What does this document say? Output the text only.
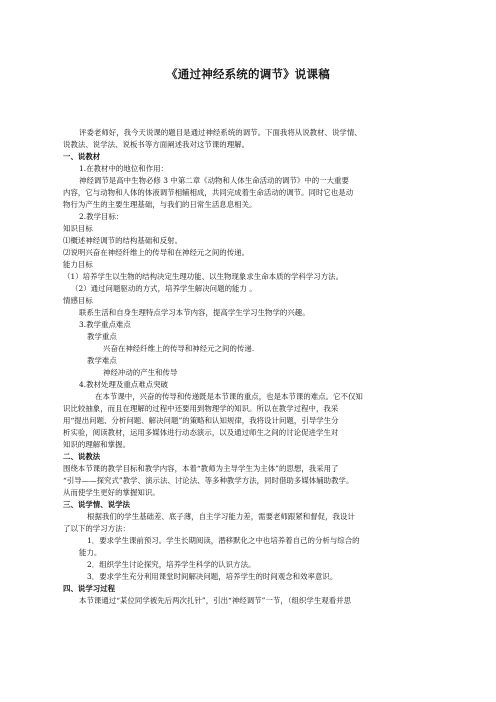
《通过神经系统的调节》说课稿
评委老师好，我今天说课的题目是通过神经系统的调节。下面我将从说教材、说学情、
说教法、说学法、说板书等方面阐述我对这节课的理解。
一、说教材
1.在教材中的地位和作用：
神经调节是高中生物必修 3 中第二章《动物和人体生命活动的调节》中的一大重要
内容，它与动物和人体的体液调节相辅相成，共同完成着生命活动的调节。同时它也是动
物行为产生的主要生理基础，与我们的日常生活息息相关。
2.教学目标：
知识目标
⑴概述神经调节的结构基础和反射。
⑵说明兴奋在神经纤维上的传导和在神经元之间的传递。
能力目标
（1）培养学生以生物的结构决定生理功能、以生物现象求生命本质的学科学习方法。
（2）通过问题驱动的方式，培养学生解决问题的能力 。
情感目标
联系生活和自身生理特点学习本节内容，提高学生学习生物学的兴趣。
3.教学重点难点
教学重点
兴奋在神经纤维上的传导和神经元之间的传递.
教学难点
神经冲动的产生和传导
4.教材处理及重点难点突破
在本节课中，兴奋的传导和传递既是本节课的重点，也是本节课的难点。它不仅知
识比较抽象，而且在理解的过程中还要用到物理学的知识。所以在教学过程中，我采
用“提出问题、分析问题、解决问题”的策略和认知规律，我将设计问题，引导学生分
析实验，阅读教材，运用多媒体进行动态演示，以及通过师生之间的讨论促进学生对
知识的理解和掌握。
二、说教法
围绕本节课的教学目标和教学内容，本着“教师为主导学生为主体”的思想，我采用了
“引导——探究式”教学、演示法、讨论法、等多种教学方法，同时借助多媒体辅助教学。
从而使学生更好的掌握知识。
三、说学情、说学法
根据我们的学生基础差、底子薄，自主学习能力差，需要老师跟紧和督促，我设计
了以下的学习方法：
1．要求学生课前预习。学生长期阅读，潜移默化之中也培养着自己的分析与综合的
能力。
2．组织学生讨论探究，培养学生科学的认识方法。
3．要求学生充分利用课堂时间解决问题，培养学生的时间观念和效率意识。
四、说学习过程
本节课通过“某位同学被先后两次扎针”，引出“神经调节”一节，（组织学生观看并思
